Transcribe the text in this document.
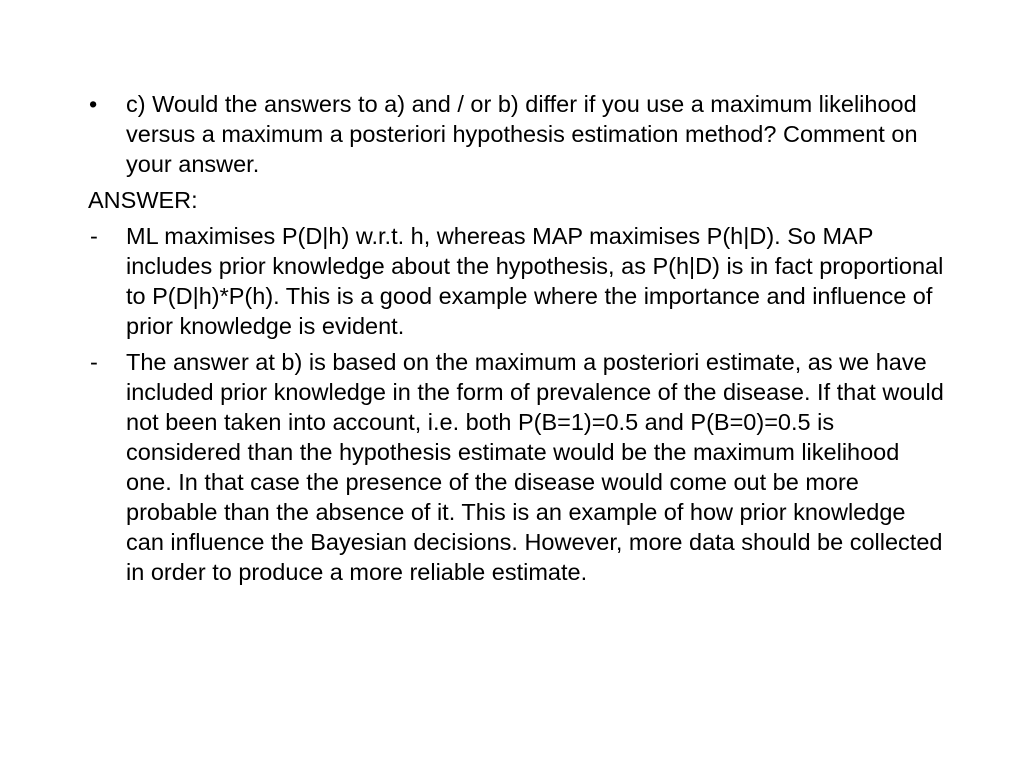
•	c) Would the answers to a) and / or b) differ if you use a maximum likelihood versus a maximum a posteriori hypothesis estimation method? Comment on your answer.
ANSWER:
-	ML maximises P(D|h) w.r.t. h, whereas MAP maximises P(h|D). So MAP includes prior knowledge about the hypothesis, as P(h|D) is in fact proportional to P(D|h)*P(h). This is a good example where the importance and influence of prior knowledge is evident.
-	The answer at b) is based on the maximum a posteriori estimate, as we have included prior knowledge in the form of prevalence of the disease. If that would not been taken into account, i.e. both P(B=1)=0.5 and P(B=0)=0.5 is considered than the hypothesis estimate would be the maximum likelihood one. In that case the presence of the disease would come out be more probable than the absence of it. This is an example of how prior knowledge can influence the Bayesian decisions. However, more data should be collected in order to produce a more reliable estimate.
